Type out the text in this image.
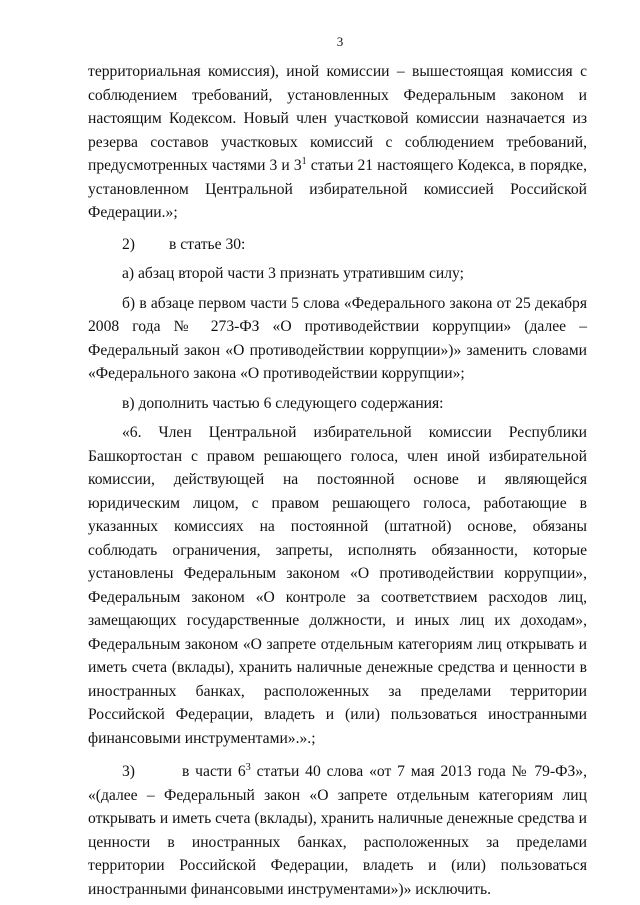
3

территориальная комиссия), иной комиссии – вышестоящая комиссия с соблюдением требований, установленных Федеральным законом и настоящим Кодексом. Новый член участковой комиссии назначается из резерва составов участковых комиссий с соблюдением требований, предусмотренных частями 3 и $3^1$ статьи 21 настоящего Кодекса, в порядке, установленном Центральной избирательной комиссией Российской Федерации.»;

2)	в статье 30:

а) абзац второй части 3 признать утратившим силу;

б) в абзаце первом части 5 слова «Федерального закона от 25 декабря 2008 года № 273-ФЗ «О противодействии коррупции» (далее – Федеральный закон «О противодействии коррупции»)» заменить словами «Федерального закона «О противодействии коррупции»;

в) дополнить частью 6 следующего содержания:

«6. Член Центральной избирательной комиссии Республики Башкортостан с правом решающего голоса, член иной избирательной комиссии, действующей на постоянной основе и являющейся юридическим лицом, с правом решающего голоса, работающие в указанных комиссиях на постоянной (штатной) основе, обязаны соблюдать ограничения, запреты, исполнять обязанности, которые установлены Федеральным законом «О противодействии коррупции», Федеральным законом «О контроле за соответствием расходов лиц, замещающих государственные должности, и иных лиц их доходам», Федеральным законом «О запрете отдельным категориям лиц открывать и иметь счета (вклады), хранить наличные денежные средства и ценности в иностранных банках, расположенных за пределами территории Российской Федерации, владеть и (или) пользоваться иностранными финансовыми инструментами».».;

3)	в части $6^3$ статьи 40 слова «от 7 мая 2013 года № 79-ФЗ», «(далее – Федеральный закон «О запрете отдельным категориям лиц открывать и иметь счета (вклады), хранить наличные денежные средства и ценности в иностранных банках, расположенных за пределами территории Российской Федерации, владеть и (или) пользоваться иностранными финансовыми инструментами»)» исключить.
